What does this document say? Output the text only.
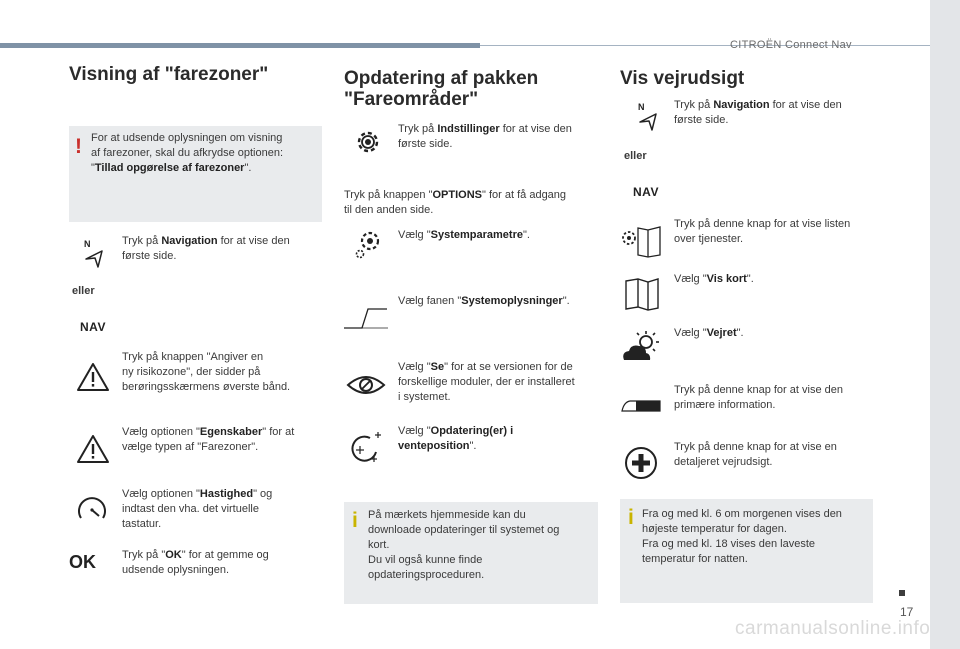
CITROËN Connect Nav
Visning af "farezoner"
! For at udsende oplysningen om visning
af farezoner, skal du afkrydse optionen:
"Tillad opgørelse af farezoner".
N	Tryk på Navigation for at vise den
første side.
eller
NAV
Tryk på knappen "Angiver en
ny risikozone", der sidder på
berøringsskærmens øverste bånd.
Vælg optionen "Egenskaber" for at
vælge typen af "Farezoner".
Vælg optionen "Hastighed" og
indtast den vha. det virtuelle
tastatur.
OK Tryk på "OK" for at gemme og
udsende oplysningen.
Opdatering af pakken
"Fareområder"
Tryk på Indstillinger for at vise den
første side.
Tryk på knappen "OPTIONS" for at få adgang
til den anden side.
Vælg "Systemparametre".
Vælg fanen "Systemoplysninger".
Vælg "Se" for at se versionen for de
forskellige moduler, der er installeret
i systemet.
Vælg "Opdatering(er) i
venteposition".
i På mærkets hjemmeside kan du
downloade opdateringer til systemet og
kort.
Du vil også kunne finde
opdateringsproceduren.
Vis vejrudsigt
N	Tryk på Navigation for at vise den
første side.
eller
NAV
Tryk på denne knap for at vise listen
over tjenester.
Vælg "Vis kort".
Vælg "Vejret".
Tryk på denne knap for at vise den
primære information.
Tryk på denne knap for at vise en
detaljeret vejrudsigt.
i Fra og med kl. 6 om morgenen vises den
højeste temperatur for dagen.
Fra og med kl. 18 vises den laveste
temperatur for natten.
17
carmanualsonline.info
